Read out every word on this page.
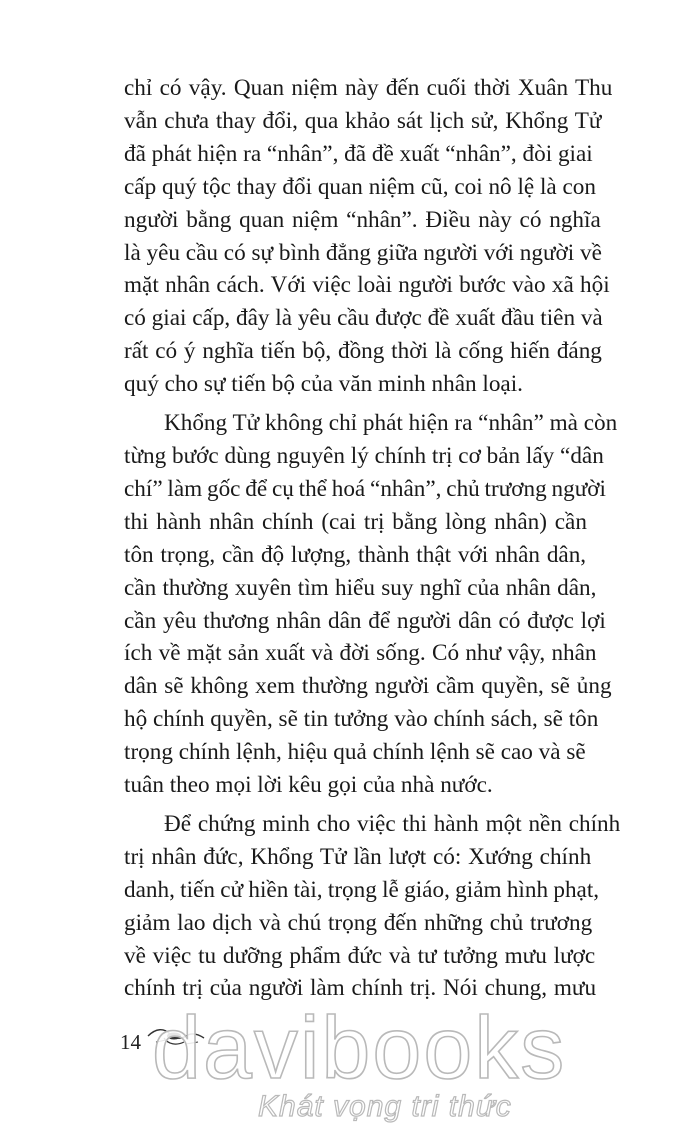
chỉ có vậy. Quan niệm này đến cuối thời Xuân Thu
vẫn chưa thay đổi, qua khảo sát lịch sử, Khổng Tử
đã phát hiện ra “nhân”, đã đề xuất “nhân”, đòi giai
cấp quý tộc thay đổi quan niệm cũ, coi nô lệ là con
người bằng quan niệm “nhân”. Điều này có nghĩa
là yêu cầu có sự bình đẳng giữa người với người về
mặt nhân cách. Với việc loài người bước vào xã hội
có giai cấp, đây là yêu cầu được đề xuất đầu tiên và
rất có ý nghĩa tiến bộ, đồng thời là cống hiến đáng
quý cho sự tiến bộ của văn minh nhân loại.
Khổng Tử không chỉ phát hiện ra “nhân” mà còn
từng bước dùng nguyên lý chính trị cơ bản lấy “dân
chí” làm gốc để cụ thể hoá “nhân”, chủ trương người
thi hành nhân chính (cai trị bằng lòng nhân) cần
tôn trọng, cần độ lượng, thành thật với nhân dân,
cần thường xuyên tìm hiểu suy nghĩ của nhân dân,
cần yêu thương nhân dân để người dân có được lợi
ích về mặt sản xuất và đời sống. Có như vậy, nhân
dân sẽ không xem thường người cầm quyền, sẽ ủng
hộ chính quyền, sẽ tin tưởng vào chính sách, sẽ tôn
trọng chính lệnh, hiệu quả chính lệnh sẽ cao và sẽ
tuân theo mọi lời kêu gọi của nhà nước.
Để chứng minh cho việc thi hành một nền chính
trị nhân đức, Khổng Tử lần lượt có: Xướng chính
danh, tiến cử hiền tài, trọng lễ giáo, giảm hình phạt,
giảm lao dịch và chú trọng đến những chủ trương
về việc tu dưỡng phẩm đức và tư tưởng mưu lược
chính trị của người làm chính trị. Nói chung, mưu
14 davibooks
Khát vọng tri thức
